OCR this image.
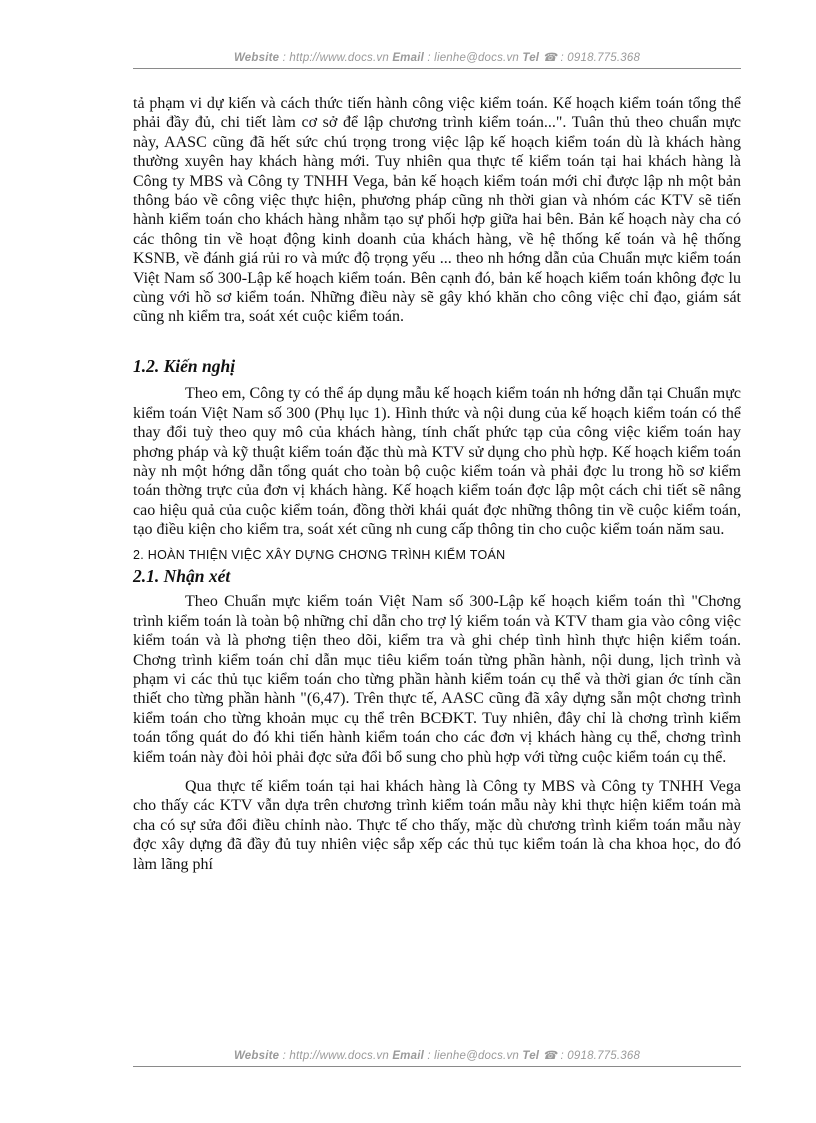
Website : http://www.docs.vn Email : lienhe@docs.vn Tel ☎ : 0918.775.368

tả phạm vi dự kiến và cách thức tiến hành công việc kiểm toán. Kế hoạch kiểm toán tổng thể phải đầy đủ, chi tiết làm cơ sở để lập chương trình kiểm toán...". Tuân thủ theo chuẩn mực này, AASC cũng đã hết sức chú trọng trong việc lập kế hoạch kiểm toán dù là khách hàng thường xuyên hay khách hàng mới. Tuy nhiên qua thực tế kiểm toán tại hai khách hàng là Công ty MBS và Công ty TNHH Vega, bản kế hoạch kiểm toán mới chỉ được lập nh một bản thông báo về công việc thực hiện, phương pháp cũng nh thời gian và nhóm các KTV sẽ tiến hành kiểm toán cho khách hàng nhằm tạo sự phối hợp giữa hai bên. Bản kế hoạch này cha có các thông tin về hoạt động kinh doanh của khách hàng, về hệ thống kế toán và hệ thống KSNB, về đánh giá rủi ro và mức độ trọng yếu ... theo nh hớng dẫn của Chuẩn mực kiểm toán Việt Nam số 300-Lập kế hoạch kiểm toán. Bên cạnh đó, bản kế hoạch kiểm toán không đợc lu cùng với hồ sơ kiểm toán. Những điều này sẽ gây khó khăn cho công việc chỉ đạo, giám sát cũng nh kiểm tra, soát xét cuộc kiểm toán.

1.2. Kiến nghị

Theo em, Công ty có thể áp dụng mẫu kế hoạch kiểm toán nh hớng dẫn tại Chuẩn mực kiểm toán Việt Nam số 300 (Phụ lục 1). Hình thức và nội dung của kế hoạch kiểm toán có thể thay đổi tuỳ theo quy mô của khách hàng, tính chất phức tạp của công việc kiểm toán hay phơng pháp và kỹ thuật kiểm toán đặc thù mà KTV sử dụng cho phù hợp. Kế hoạch kiểm toán này nh một hớng dẫn tổng quát cho toàn bộ cuộc kiểm toán và phải đợc lu trong hồ sơ kiểm toán thờng trực của đơn vị khách hàng. Kế hoạch kiểm toán đợc lập một cách chi tiết sẽ nâng cao hiệu quả của cuộc kiểm toán, đồng thời khái quát đợc những thông tin về cuộc kiểm toán, tạo điều kiện cho kiểm tra, soát xét cũng nh cung cấp thông tin cho cuộc kiểm toán năm sau.

2. HOÀN THIỆN VIỆC XÂY DỰNG CHƠNG TRÌNH KIỂM TOÁN

2.1. Nhận xét

Theo Chuẩn mực kiểm toán Việt Nam số 300-Lập kế hoạch kiểm toán thì "Chơng trình kiểm toán là toàn bộ những chỉ dẫn cho trợ lý kiểm toán và KTV tham gia vào công việc kiểm toán và là phơng tiện theo dõi, kiểm tra và ghi chép tình hình thực hiện kiểm toán. Chơng trình kiểm toán chỉ dẫn mục tiêu kiểm toán từng phần hành, nội dung, lịch trình và phạm vi các thủ tục kiểm toán cho từng phần hành kiểm toán cụ thể và thời gian ớc tính cần thiết cho từng phần hành "(6,47). Trên thực tế, AASC cũng đã xây dựng sẵn một chơng trình kiểm toán cho từng khoản mục cụ thể trên BCĐKT. Tuy nhiên, đây chỉ là chơng trình kiểm toán tổng quát do đó khi tiến hành kiểm toán cho các đơn vị khách hàng cụ thể, chơng trình kiểm toán này đòi hỏi phải đợc sửa đổi bổ sung cho phù hợp với từng cuộc kiểm toán cụ thể.

Qua thực tế kiểm toán tại hai khách hàng là Công ty MBS và Công ty TNHH Vega cho thấy các KTV vẫn dựa trên chương trình kiểm toán mẫu này khi thực hiện kiểm toán mà cha có sự sửa đổi điều chỉnh nào. Thực tế cho thấy, mặc dù chương trình kiểm toán mẫu này đợc xây dựng đã đầy đủ tuy nhiên việc sắp xếp các thủ tục kiểm toán là cha khoa học, do đó làm lãng phí

Website : http://www.docs.vn Email : lienhe@docs.vn Tel ☎ : 0918.775.368
